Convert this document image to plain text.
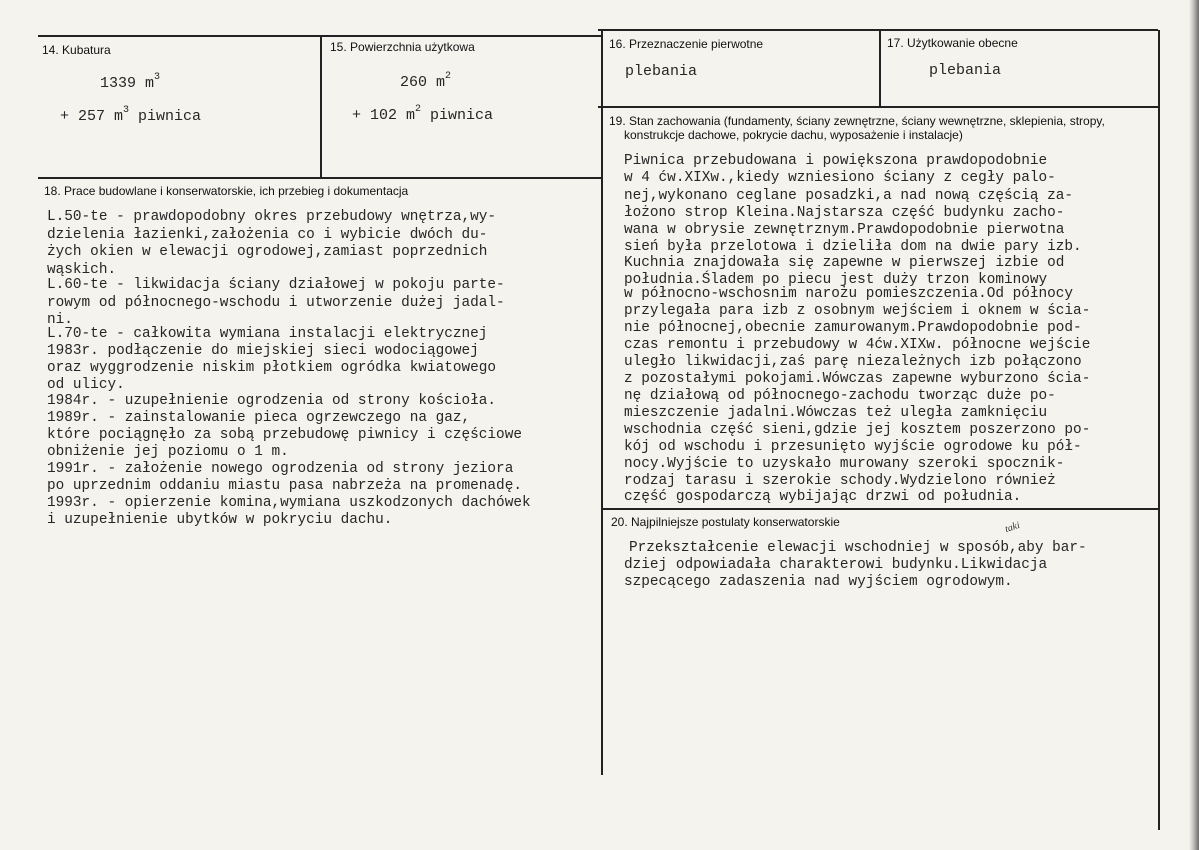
14. Kubatura
1339 $m^3$
+ 257 $m^3$ piwnica
15. Powierzchnia użytkowa
260 $m^2$
+ 102 $m^2$ piwnica
16. Przeznaczenie pierwotne
plebania
17. Użytkowanie obecne
plebania
18. Prace budowlane i konserwatorskie, ich przebieg i dokumentacja
L.50-te - prawdopodobny okres przebudowy wnętrza,wy-
dzielenia łazienki,założenia co i wybicie dwóch du-
żych okien w elewacji ogrodowej,zamiast poprzednich
wąskich.
L.60-te - likwidacja ściany działowej w pokoju parte-
rowym od północnego-wschodu i utworzenie dużej jadal-
ni.
L.70-te - całkowita wymiana instalacji elektrycznej
1983r. podłączenie do miejskiej sieci wodociągowej
oraz wyggrodzenie niskim płotkiem ogródka kwiatowego
od ulicy.
1984r. - uzupełnienie ogrodzenia od strony kościoła.
1989r. - zainstalowanie pieca ogrzewczego na gaz,
które pociągnęło za sobą przebudowę piwnicy i częściowe
obniżenie jej poziomu o 1 m.
1991r. - założenie nowego ogrodzenia od strony jeziora
po uprzednim oddaniu miastu pasa nabrzeża na promenadę.
1993r. - opierzenie komina,wymiana uszkodzonych dachówek
i uzupełnienie ubytków w pokryciu dachu.
19. Stan zachowania (fundamenty, ściany zewnętrzne, ściany wewnętrzne, sklepienia, stropy,
konstrukcje dachowe, pokrycie dachu, wyposażenie i instalacje)
Piwnica przebudowana i powiększona prawdopodobnie
w 4 ćw.XIXw.,kiedy wzniesiono ściany z cegły palo-
nej,wykonano ceglane posadzki,a nad nową częścią za-
łożono strop Kleina.Najstarsza część budynku zacho-
wana w obrysie zewnętrznym.Prawdopodobnie pierwotna
sień była przelotowa i dzieliła dom na dwie pary izb.
Kuchnia znajdowała się zapewne w pierwszej izbie od
południa.Śladem po piecu jest duży trzon kominowy
w północno-wschosnim narożu pomieszczenia.Od północy
przylegała para izb z osobnym wejściem i oknem w ścia-
nie północnej,obecnie zamurowanym.Prawdopodobnie pod-
czas remontu i przebudowy w 4ćw.XIXw. północne wejście
uległo likwidacji,zaś parę niezależnych izb połączono
z pozostałymi pokojami.Wówczas zapewne wyburzono ścia-
nę działową od północnego-zachodu tworząc duże po-
mieszczenie jadalni.Wówczas też uległa zamknięciu
wschodnia część sieni,gdzie jej kosztem poszerzono po-
kój od wschodu i przesunięto wyjście ogrodowe ku pół-
nocy.Wyjście to uzyskało murowany szeroki spocznik-
rodzaj tarasu i szerokie schody.Wydzielono również
część gospodarczą wybijając drzwi od południa.
20. Najpilniejsze postulaty konserwatorskie	taki
Przekształcenie elewacji wschodniej w sposób,aby bar-
dziej odpowiadała charakterowi budynku.Likwidacja
szpecącego zadaszenia nad wyjściem ogrodowym.
